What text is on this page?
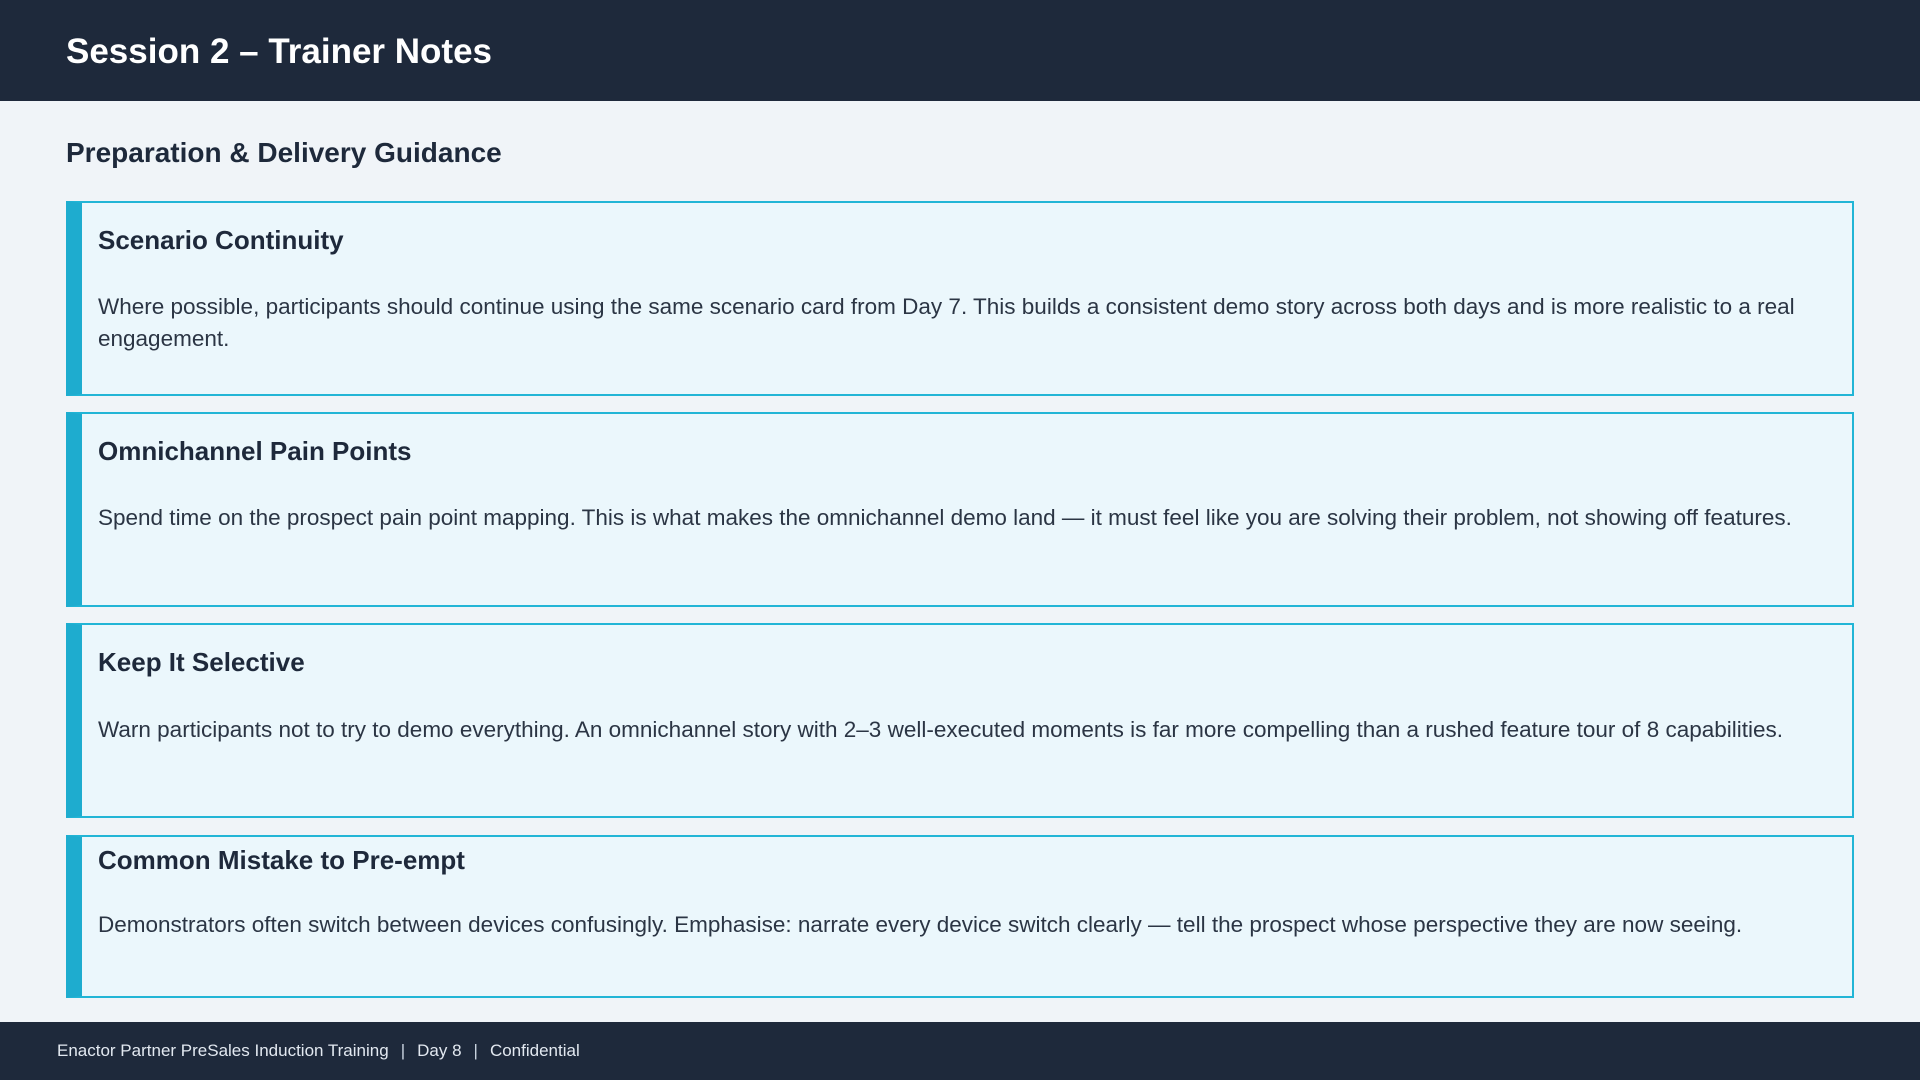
Session 2 – Trainer Notes
Preparation & Delivery Guidance
Scenario Continuity
Where possible, participants should continue using the same scenario card from Day 7. This builds a consistent demo story across both days and is more realistic to a real engagement.
Omnichannel Pain Points
Spend time on the prospect pain point mapping. This is what makes the omnichannel demo land — it must feel like you are solving their problem, not showing off features.
Keep It Selective
Warn participants not to try to demo everything. An omnichannel story with 2–3 well-executed moments is far more compelling than a rushed feature tour of 8 capabilities.
Common Mistake to Pre-empt
Demonstrators often switch between devices confusingly. Emphasise: narrate every device switch clearly — tell the prospect whose perspective they are now seeing.
Enactor Partner PreSales Induction Training | Day 8 | Confidential
